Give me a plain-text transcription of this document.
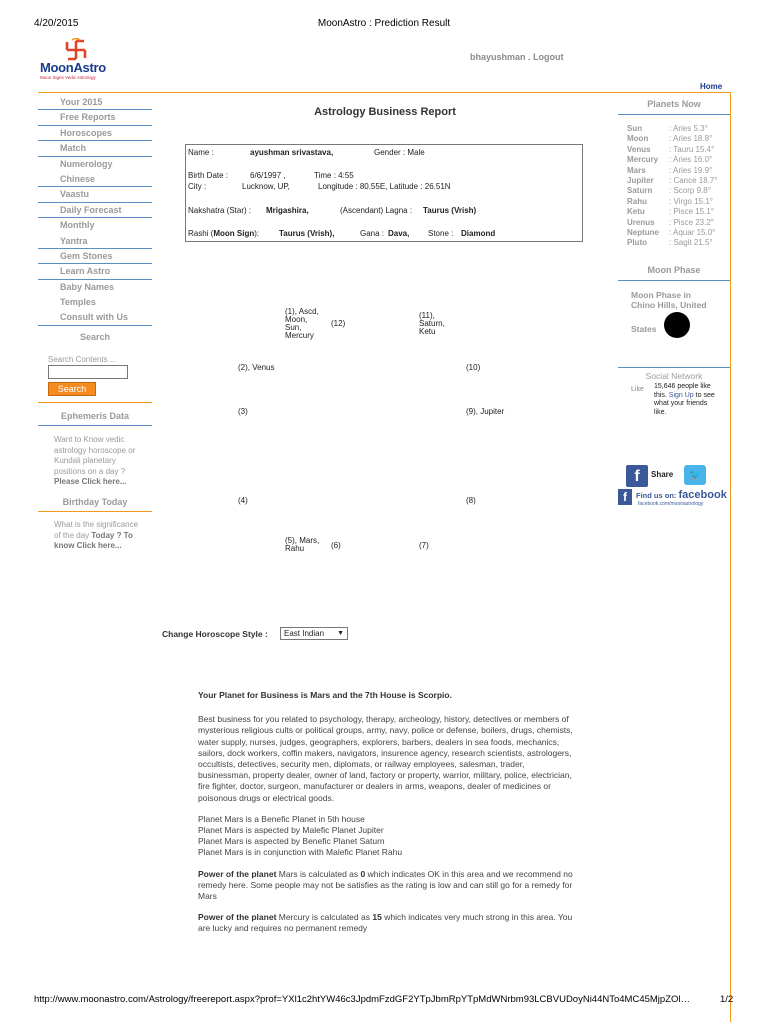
4/20/2015	MoonAstro : Prediction Result
MoonAstro
Moon Signs Vedic Astrology
bhayushman . Logout
Home
Your 2015
Free Reports
Horoscopes
Match
Numerology
Chinese
Vaastu
Daily Forecast
Monthly
Yantra
Gem Stones
Learn Astro
Baby Names
Temples
Consult with Us
Search
Search Contents ...
Search
Ephemeris Data
Want to Know vedic astrology horoscope or Kundali planetary positions on a day ? Please Click here...
Birthday Today
What is the significance of the day Today ? To know Click here...
Astrology Business Report
Name :	ayushman srivastava,	Gender : Male
Birth Date :	6/6/1997 ,	Time : 4:55
City :	Lucknow, UP,	Longitude : 80.55E, Latitude : 26.51N
Nakshatra (Star) : Mrigashira,	(Ascendant) Lagna : Taurus (Vrish)
Rashi (Moon Sign): Taurus (Vrish),	Gana : Dava, Stone : Diamond
(1), Ascd,
Moon,
Sun,
Mercury
(12)
(11),
Saturn,
Ketu
(2), Venus	(10)
(3)	(9), Jupiter
(4)	(8)
(5), Mars,
Rahu	(6)	(7)
Change Horoscope Style :	East Indian ▼

Your Planet for Business is Mars and the 7th House is Scorpio.

Best business for you related to psychology, therapy, archeology, history, detectives or members of mysterious religious cults or political groups, army, navy, police or defense, boilers, drugs, chemists, water supply, nurses, judges, geographers, explorers, barbers, dealers in sea foods, mechanics, sailors, dock workers, coffin makers, navigators, insurence agency, research scientists, astrologers, occultists, detectives, security men, diplomats, or railway employees, salesman, trader, businessman, property dealer, owner of land, factory or property, warrior, military, police, electrician, fire fighter, doctor, surgeon, manufacturer or dealers in arms, weapons, dealer of medicines or poisonous drugs or electrical goods.

Planet Mars is a Benefic Planet in 5th house
Planet Mars is aspected by Malefic Planet Jupiter
Planet Mars is aspected by Benefic Planet Saturn
Planet Mars is in conjunction with Malefic Planet Rahu

Power of the planet Mars is calculated as 0 which indicates OK in this area and we recommend no remedy here. Some people may not be satisfies as the rating is low and can still go for a remedy for Mars

Power of the planet Mercury is calculated as 15 which indicates very much strong in this area. You are lucky and requires no permanent remedy

Planets Now
Sun	: Aries 5.3°
Moon	: Aries 18.8°
Venus	: Tauru 15.4°
Mercury	: Aries 16.0°
Mars	: Aries 19.9°
Jupiter	: Cance 18.7°
Saturn	: Scorp 9.8°
Rahu	: Virgo 15.1°
Ketu	: Pisce 15.1°
Urenus	: Pisce 23.2°
Neptune	: Aquar 15.0°
Pluto	: Sagit 21.5°
Moon Phase
Moon Phase in
Chino Hills, United
States
Social Network
Like 15,646 people like this. Sign Up to see what your friends like.
f	Share	🐦
f	Find us on: facebook
facebook.com/moonastrology
http://www.moonastro.com/Astrology/freereport.aspx?prof=YXl1c2htYW46c3JpdmFzdGF2YTpJbmRpYTpMdWNrbm93LCBVUDoyNi44NTo4MC45MjpZOl…	1/2
